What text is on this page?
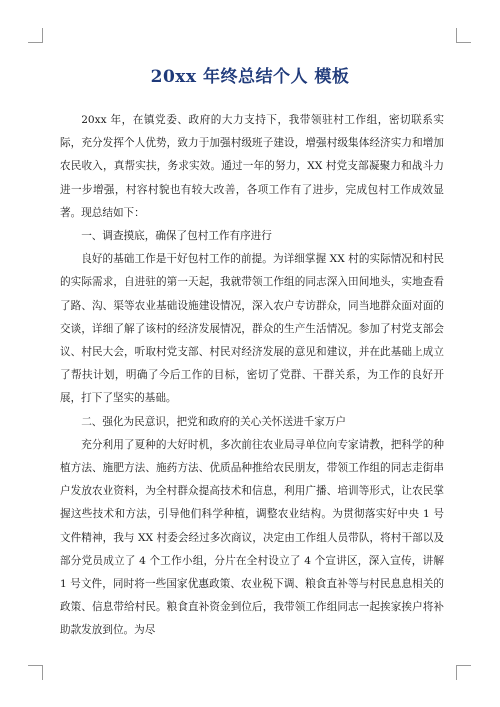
20xx 年终总结个人 模板

20xx 年，在镇党委、政府的大力支持下，我带领驻村工作组，密切联系实际，充分发挥个人优势，致力于加强村级班子建设，增强村级集体经济实力和增加农民收入，真帮实扶，务求实效。通过一年的努力，XX 村党支部凝聚力和战斗力进一步增强，村容村貌也有较大改善，各项工作有了进步，完成包村工作成效显著。现总结如下：

一、调查摸底，确保了包村工作有序进行

良好的基础工作是干好包村工作的前提。为详细掌握 XX 村的实际情况和村民的实际需求，自进驻的第一天起，我就带领工作组的同志深入田间地头，实地查看了路、沟、渠等农业基础设施建设情况，深入农户专访群众，同当地群众面对面的交谈，详细了解了该村的经济发展情况，群众的生产生活情况。参加了村党支部会议、村民大会，听取村党支部、村民对经济发展的意见和建议，并在此基础上成立了帮扶计划，明确了今后工作的目标，密切了党群、干群关系，为工作的良好开展，打下了坚实的基础。

二、强化为民意识，把党和政府的关心关怀送进千家万户

充分利用了夏种的大好时机，多次前往农业局寻单位向专家请教，把科学的种植方法、施肥方法、施药方法、优质品种推给农民朋友，带领工作组的同志走街串户发放农业资料，为全村群众提高技术和信息，利用广播、培训等形式，让农民掌握这些技术和方法，引导他们科学种植，调整农业结构。为贯彻落实好中央 1 号文件精神，我与 XX 村委会经过多次商议，决定由工作组人员带队，将村干部以及部分党员成立了 4 个工作小组，分片在全村设立了 4 个宣讲区，深入宣传，讲解 1 号文件，同时将一些国家优惠政策、农业税下调、粮食直补等与村民息息相关的政策、信息带给村民。粮食直补资金到位后，我带领工作组同志一起挨家挨户将补助款发放到位。为尽
